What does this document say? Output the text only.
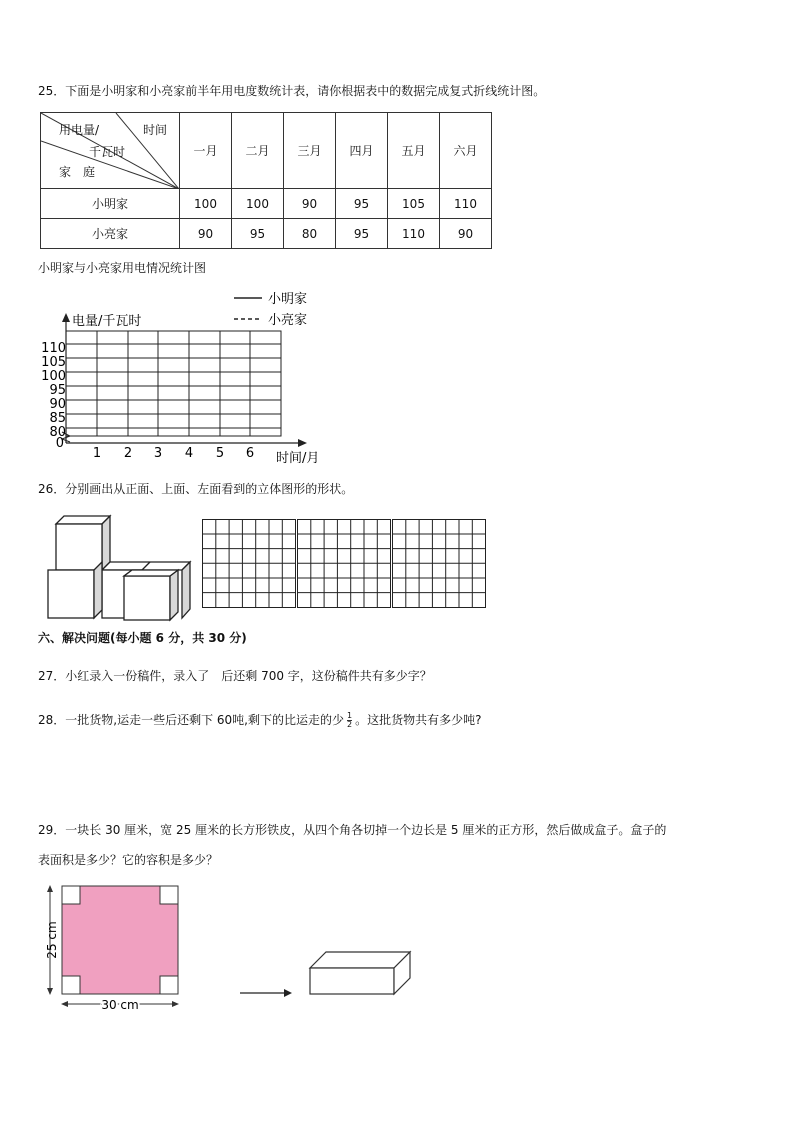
25．下面是小明家和小亮家前半年用电度数统计表，请你根据表中的数据完成复式折线统计图。
用电量/ 时间
千瓦时
家　庭	一月	二月	三月	四月	五月	六月
小明家	100	100	90	95	105	110
小亮家	90	95	80	95	110	90
小明家与小亮家用电情况统计图
小明家
小亮家
电量/千瓦时
110
105
100
95
90
85
80
0
1 2 3 4 5 6 时间/月
26．分别画出从正面、上面、左面看到的立体图形的形状。
六、解决问题(每小题 6 分，共 30 分)
27．小红录入一份稿件，录入了　后还剩 700 字，这份稿件共有多少字？
28．一批货物,运走一些后还剩下 60吨,剩下的比运走的少 $\frac{1}{2}$ 。这批货物共有多少吨?
29．一块长 30 厘米，宽 25 厘米的长方形铁皮，从四个角各切掉一个边长是 5 厘米的正方形，然后做成盒子。盒子的
表面积是多少？它的容积是多少？
25 cm
30 cm
